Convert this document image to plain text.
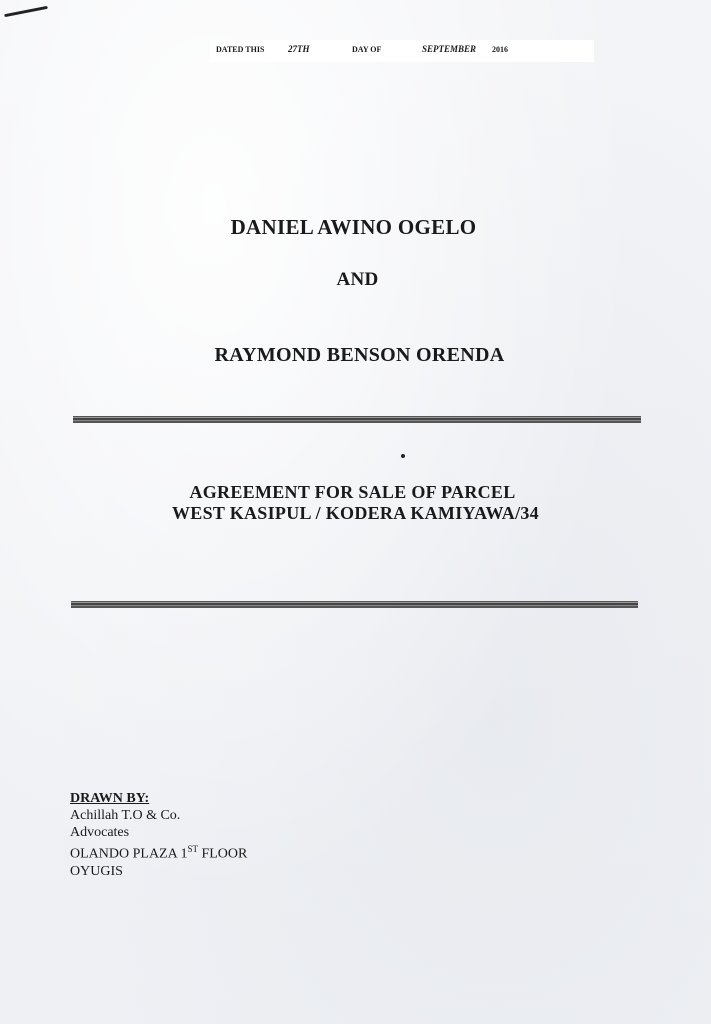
DATED THIS	27TH	DAY OF	SEPTEMBER 2016
DANIEL AWINO OGELO
AND
RAYMOND BENSON ORENDA
AGREEMENT FOR SALE OF PARCEL
WEST KASIPUL / KODERA KAMIYAWA/34
DRAWN BY:
Achillah T.O & Co.
Advocates
OLANDO PLAZA 1ST FLOOR
OYUGIS
